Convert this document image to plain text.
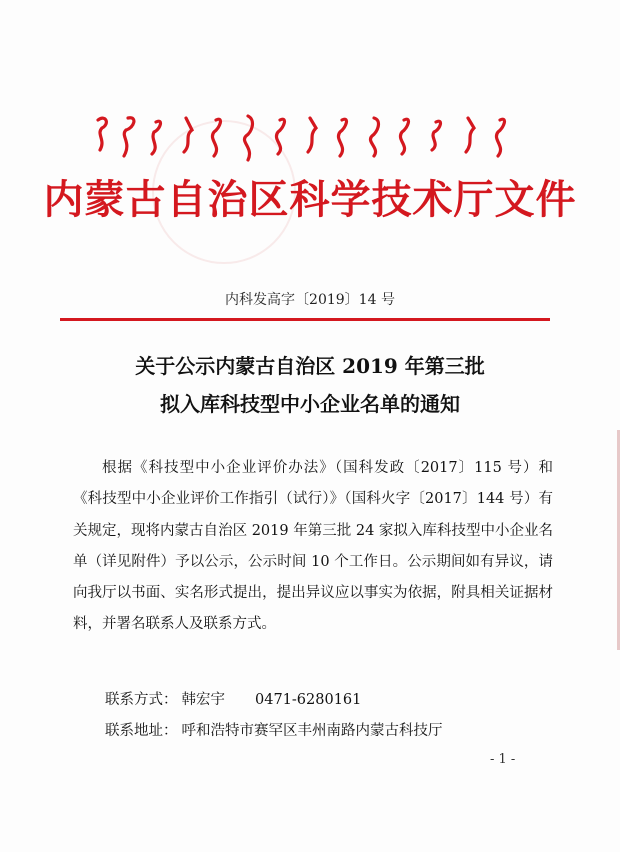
内蒙古自治区科学技术厅文件
内科发高字〔2019〕14 号
关于公示内蒙古自治区 2019 年第三批
拟入库科技型中小企业名单的通知

根据《科技型中小企业评价办法》（国科发政〔2017〕115 号）和《科技型中小企业评价工作指引（试行）》（国科火字〔2017〕144 号）有关规定，现将内蒙古自治区 2019 年第三批 24 家拟入库科技型中小企业名单（详见附件）予以公示，公示时间 10 个工作日。公示期间如有异议，请向我厅以书面、实名形式提出，提出异议应以事实为依据，附具相关证据材料，并署名联系人及联系方式。

联系方式： 韩宏宇 0471-6280161
联系地址： 呼和浩特市赛罕区丰州南路内蒙古科技厅
- 1 -
